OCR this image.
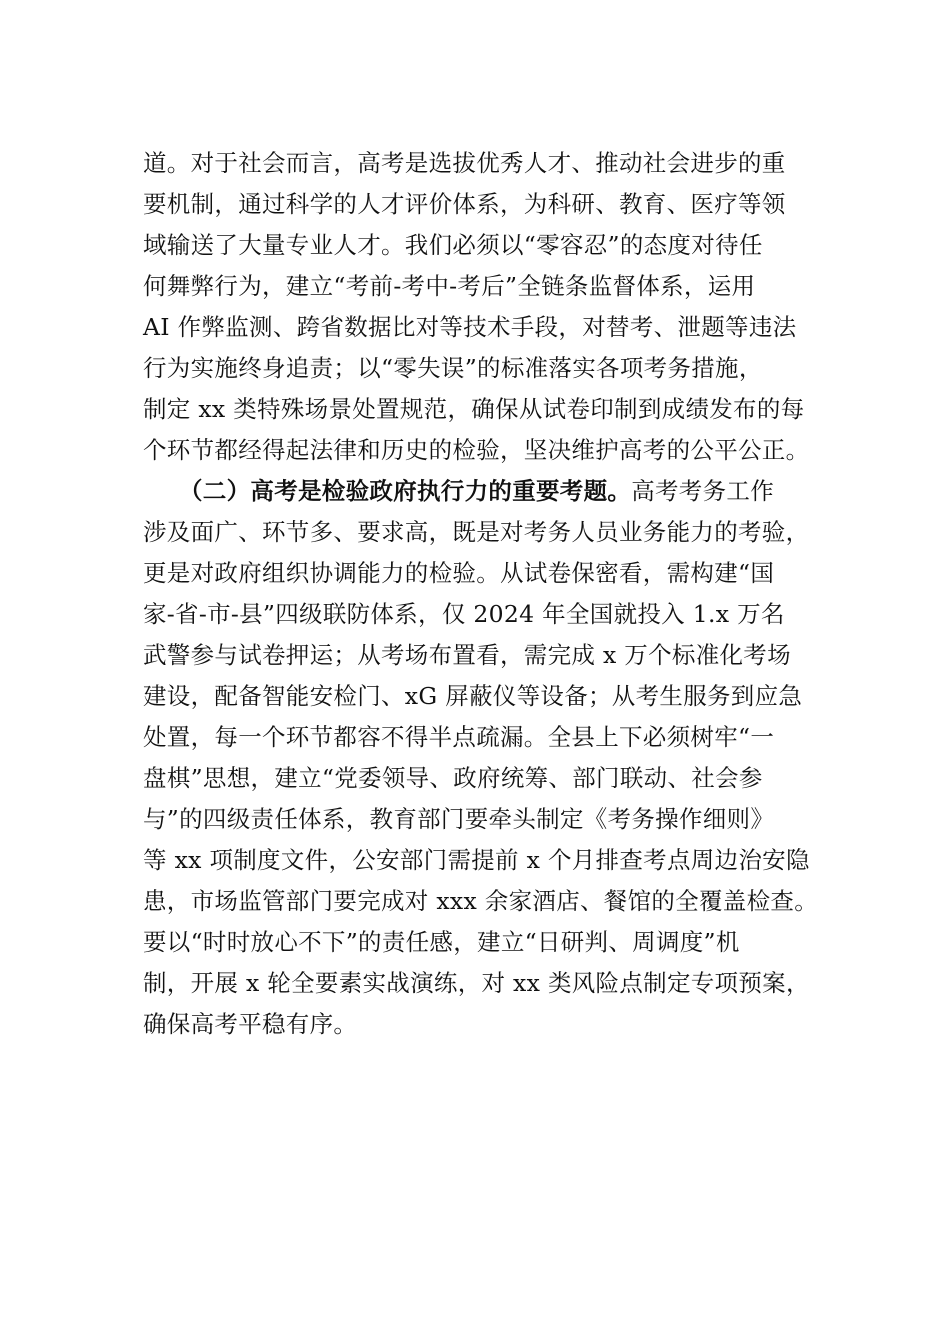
道。对于社会而言，高考是选拔优秀人才、推动社会进步的重
要机制，通过科学的人才评价体系，为科研、教育、医疗等领
域输送了大量专业人才。我们必须以“零容忍”的态度对待任
何舞弊行为，建立“考前-考中-考后”全链条监督体系，运用
AI 作弊监测、跨省数据比对等技术手段，对替考、泄题等违法
行为实施终身追责；以“零失误”的标准落实各项考务措施，
制定 xx 类特殊场景处置规范，确保从试卷印制到成绩发布的每
个环节都经得起法律和历史的检验，坚决维护高考的公平公正。
（二）高考是检验政府执行力的重要考题。高考考务工作
涉及面广、环节多、要求高，既是对考务人员业务能力的考验，
更是对政府组织协调能力的检验。从试卷保密看，需构建“国
家-省-市-县”四级联防体系，仅 2024 年全国就投入 1.x 万名
武警参与试卷押运；从考场布置看，需完成 x 万个标准化考场
建设，配备智能安检门、xG 屏蔽仪等设备；从考生服务到应急
处置，每一个环节都容不得半点疏漏。全县上下必须树牢“一
盘棋”思想，建立“党委领导、政府统筹、部门联动、社会参
与”的四级责任体系，教育部门要牵头制定《考务操作细则》
等 xx 项制度文件，公安部门需提前 x 个月排查考点周边治安隐
患，市场监管部门要完成对 xxx 余家酒店、餐馆的全覆盖检查。
要以“时时放心不下”的责任感，建立“日研判、周调度”机
制，开展 x 轮全要素实战演练，对 xx 类风险点制定专项预案，
确保高考平稳有序。
